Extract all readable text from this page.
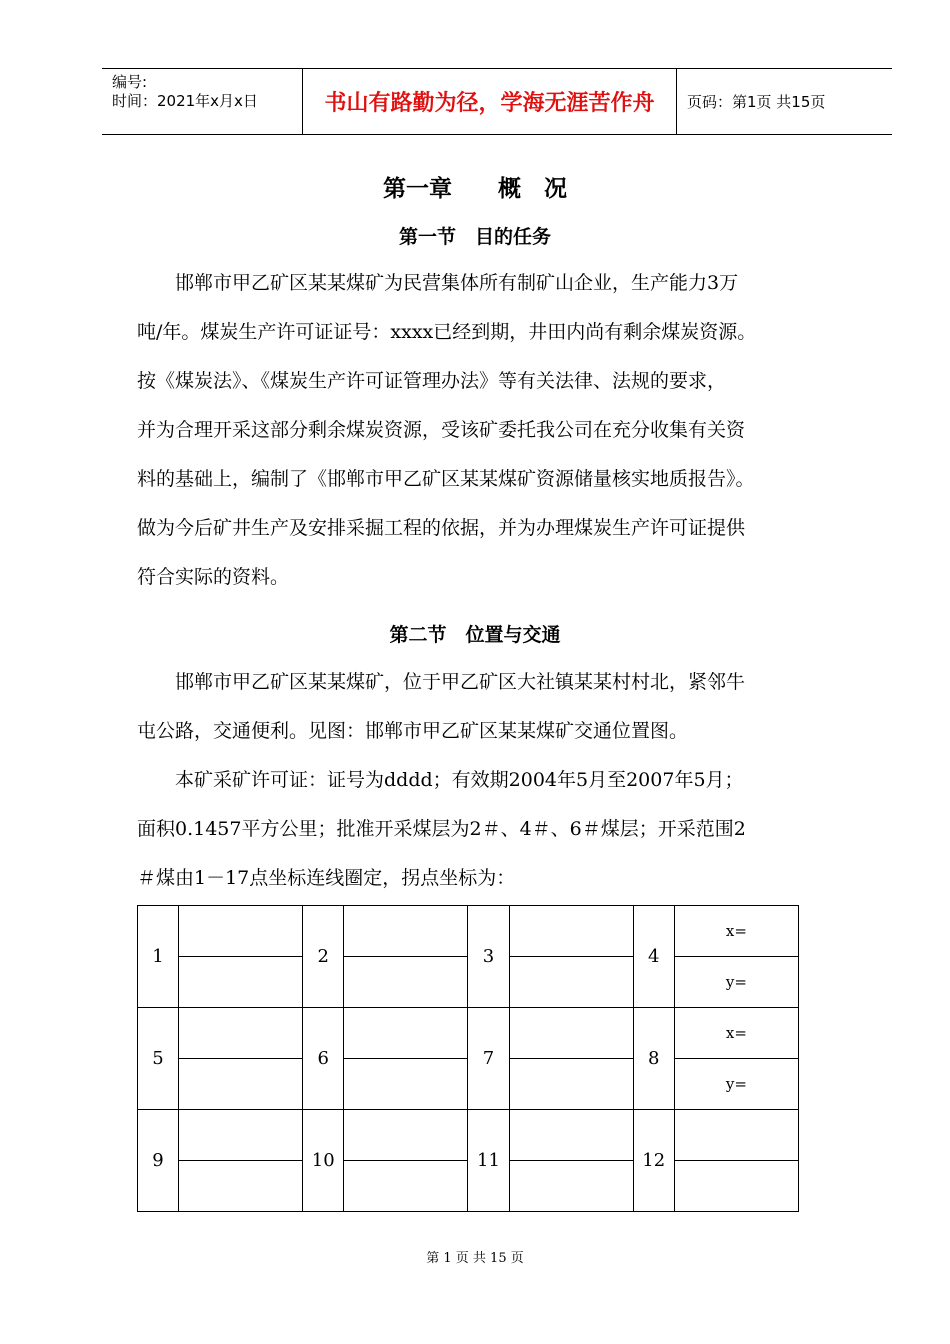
编号:
时间：2021年x月x日	书山有路勤为径，学海无涯苦作舟	页码：第1页 共15页
第一章　　概　况
第一节　目的任务
　　邯郸市甲乙矿区某某煤矿为民营集体所有制矿山企业，生产能力3万
吨/年。煤炭生产许可证证号：xxxx已经到期，井田内尚有剩余煤炭资源。
按《煤炭法》、《煤炭生产许可证管理办法》等有关法律、法规的要求，
并为合理开采这部分剩余煤炭资源，受该矿委托我公司在充分收集有关资
料的基础上，编制了《邯郸市甲乙矿区某某煤矿资源储量核实地质报告》。
做为今后矿井生产及安排采掘工程的依据，并为办理煤炭生产许可证提供
符合实际的资料。
第二节　位置与交通
　　邯郸市甲乙矿区某某煤矿，位于甲乙矿区大社镇某某村村北，紧邻牛
屯公路，交通便利。见图：邯郸市甲乙矿区某某煤矿交通位置图。
　　本矿采矿许可证：证号为dddd；有效期2004年5月至2007年5月；
面积0.1457平方公里；批准开采煤层为2＃、4＃、6＃煤层；开采范围2
＃煤由1－17点坐标连线圈定，拐点坐标为：
1		2		3		4	x=
							y=
5		6		7		8	x=
							y=
9		10		11		12	

第 1 页 共 15 页
